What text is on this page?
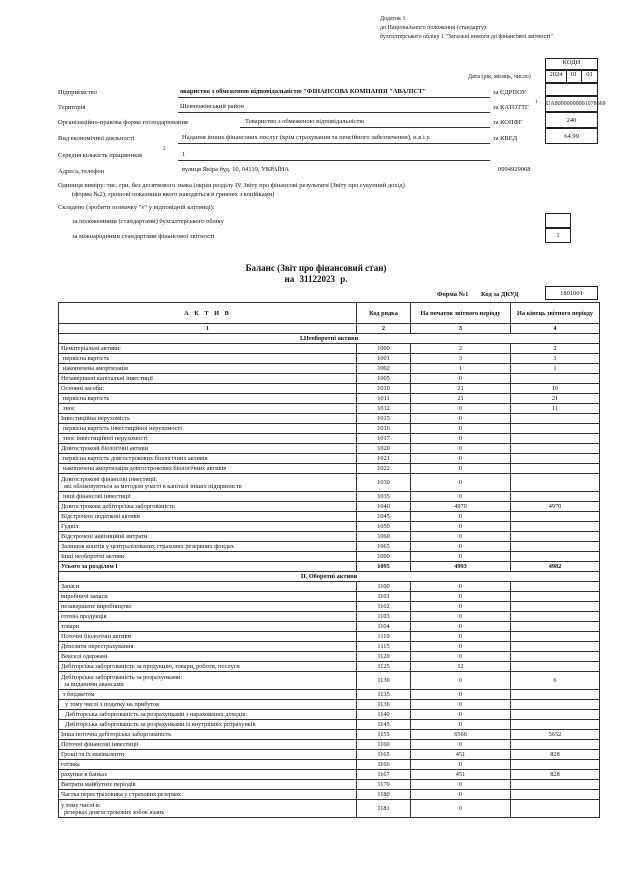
Додаток 1
до Національного положення (стандарту)
бухгалтерського обліку 1 "Загальні вимоги до фінансової звітності"
КОДИ
Дата (рік, місяць, число)	2024	01	01
Підприємство	овариство з обмеженою відповідальністю "ФІНАНСОВА КОМПАНІЯ "АВАЛІСТ"	за ЄДРПОУ
Територія	Шевченківський район	за КАТОТТГ
1 UA80000000001078669
Організаційно-правова форма господарювання	Товариство з обмеженою відповідальністю	за КОПФГ	240
Вид економічної діяльності	Надання інших фінансових послуг (крім страхування та пенсійного забезпечення), н.в.і.у.	за КВЕД	64.99
Середня кількість працівників
2
1
Адреса, телефон	вулиця Якіра буд. 10, 04119, УКРАЇНА	0994929068
Одиниця виміру: тис. грн. без десяткового знака (окрім розділу IV Звіту про фінансові результати (Звіту про сукупний дохід)
(форма №2), грошові показники якого наводяться в гривнях з копійками)
Складено (зробити позначку "v" у відповідній клітинці):
за положеннями (стандартами) бухгалтерського обліку
за міжнародними стандартами фінансової звітності	1
Баланс (Звіт про фінансовий стан)
на 31122023 р.
Форма №1 Код за ДКУД	1801001
А К Т И В	Код рядка	На початок звітного періоду	На кінець звітного періоду
1	2	3	4
I.Необоротні активи			

Нематеріальні активи:	1000	2	2

первісна вартість	1001	3	3

накопичена амортизація	1002	1	1

Незавершені капітальні інвестиції	1005	0	

Основні засоби:	1010	21	10

первісна вартість	1011	21	21

знос	1012	0	11

Інвестиційна нерухомість	1015	0	

первісна вартість інвестиційної нерухомості	1016	0	

знос інвестиційної нерухомості	1017	0	

Довгострокові біологічні активи	1020	0	

первісна вартість довгострокових біологічних активів	1021	0	

накопичена амортизація довгострокових біологічних активів	1022	0	

Довгострокові фінансові інвестиції:
які обліковуються за методом участі в капіталі інших підприємств	1030	0	

інші фінансові інвестиції	1035	0	

Довгострокова дебіторська заборгованість	1040	4970	4970

Відстрочені податкові активи	1045	0	

Гудвіл	1050	0	

Відстрочені аквізиційні витрати	1060	0	

Залишок коштів у централізованих страхових резервних фондах	1065	0	

Інші необоротні активи	1090	0	

Усього за розділом I	1095	4993	4982
II. Оборотні активи			

Запаси	1100	0	

виробничі запаси	1101	0	

незавершене виробництво	1102	0	

готова продукція	1103	0	

товари	1104	0	

Поточні біологічні активи	1110	0	

Депозити перестрахування	1115	0	

Векселі одержані	1120	0	

Дебіторська заборгованість за продукцію, товари, роботи, послуги	1125	12	

Дебіторська заборгованість за розрахунками:
за виданими авансами	1130	0	6

з бюджетом	1135	0	

у тому числі з податку на прибуток	1136	0	

Дебіторська заборгованість за розрахунками з нарахованих доходів	1140	0	

Дебіторська заборгованість за розрахунками із внутрішніх розрахунків	1145	0	

Інша поточна дебіторська заборгованість	1155	6566	5652

Поточні фінансові інвестиції	1160	0	

Гроші та їх еквіваленти	1165	451	828

готівка	1166	0	

рахунки в банках	1167	451	828

Витрати майбутніх періодів	1170	0	

Частка перестраховика у страхових резервах	1180	0	

у тому числі в:
резервах довгострокових зобов`язань	1181	0	
